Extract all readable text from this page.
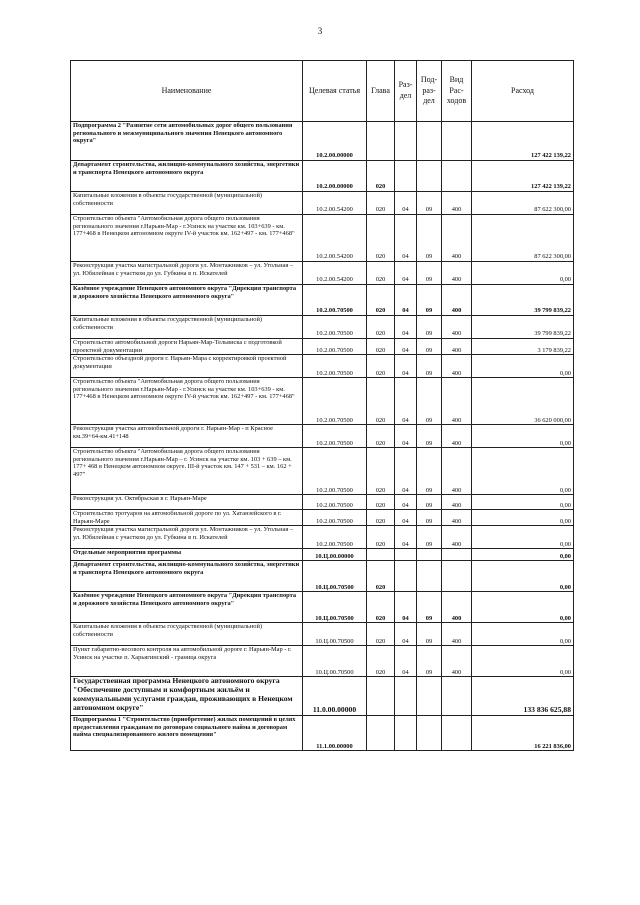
3
Наименование	Целевая статья	Глава	Раз- дел	Под- раз- дел	Вид Рас- ходов	Расход
Подпрограмма 2 "Развитие сети автомобильных дорог общего пользования регионального и межмуниципального значения Ненецкого автономного округа"	10.2.00.00000					127 422 139,22
Департамент строительства, жилищно-коммунального хозяйства, энергетики и транспорта Ненецкого автономного округа	10.2.00.00000	020				127 422 139,22
Капитальные вложения в объекты государственной (муниципальной) собственности	10.2.00.54200	020	04	09	400	87 622 300,00
Строительство объекта "Автомобильная дорога общего пользования регионального значения г.Нарьян-Мар - г.Усинск на участке км. 103+639 - км. 177+468 в Ненецком автономном округе IV-й участок км. 162+497 - км. 177+468"	10.2.00.54200	020	04	09	400	87 622 300,00
Реконструкция участка магистральной дороги ул. Монтажников – ул. Угольная – ул. Юбилейная с участком до ул. Губкина в п. Искателей	10.2.00.54200	020	04	09	400	0,00
Казённое учреждение Ненецкого автономного округа "Дирекция транспорта и дорожного хозяйства Ненецкого автономного округа"	10.2.00.70500	020	04	09	400	39 799 839,22
Капитальные вложения в объекты государственной (муниципальной) собственности	10.2.00.70500	020	04	09	400	39 799 839,22
Строительство автомобильной дороги Нарьян-Мар-Тельвиска с подготовкой проектной документации	10.2.00.70500	020	04	09	400	3 179 839,22
Строительство объездной дороги г. Нарьян-Мара с корректировкой проектной документации	10.2.00.70500	020	04	09	400	0,00
Строительство объекта "Автомобильная дорога общего пользования регионального значения г.Нарьян-Мар - г.Усинск на участке км. 103+639 - км. 177+468 в Ненецком автономном округе IV-й участок км. 162+497 - км. 177+468"	10.2.00.70500	020	04	09	400	36 620 000,00
Реконструкция участка автомобильной дороги г. Нарьян-Мар - п Красное км.39+64-км.41+148	10.2.00.70500	020	04	09	400	0,00
Строительство объекта "Автомобильная дорога общего пользования регионального значения г.Нарьян-Мар – г. Усинск на участке км. 103 + 639 – км. 177+ 468 в Ненецком автономном округе. III-й участок км. 147 + 531 – км. 162 + 497"	10.2.00.70500	020	04	09	400	0,00
Реконструкция ул. Октябрьская в г. Нарьян-Маре	10.2.00.70500	020	04	09	400	0,00
Строительство тротуаров на автомобильной дороге по ул. Хатанзейского в г. Нарьян-Маре	10.2.00.70500	020	04	09	400	0,00
Реконструкция участка магистральной дороги ул. Монтажников – ул. Угольная – ул. Юбилейная с участком до ул. Губкина в п. Искателей	10.2.00.70500	020	04	09	400	0,00
Отдельные мероприятия программы	10.Ц.00.00000					0,00
Департамент строительства, жилищно-коммунального хозяйства, энергетики и транспорта Ненецкого автономного округа	10.Ц.00.70500	020				0,00
Казённое учреждение Ненецкого автономного округа "Дирекция транспорта и дорожного хозяйства Ненецкого автономного округа"	10.Ц.00.70500	020	04	09	400	0,00
Капитальные вложения в объекты государственной (муниципальной) собственности	10.Ц.00.70500	020	04	09	400	0,00
Пункт габаритно-весового контроля на автомобильной дороге г. Нарьян-Мар - г. Усинск на участке п. Харьягинский - граница округа	10.Ц.00.70500	020	04	09	400	0,00
Государственная программа Ненецкого автономного округа "Обеспечение доступным и комфортным жильём и коммунальными услугами граждан, проживающих в Ненецком автономном округе"	11.0.00.00000					133 836 625,88
Подпрограмма 1 "Строительство (приобретение) жилых помещений в целях предоставления гражданам по договорам социального найма и договорам найма специализированного жилого помещения"	11.1.00.00000					16 221 836,00
